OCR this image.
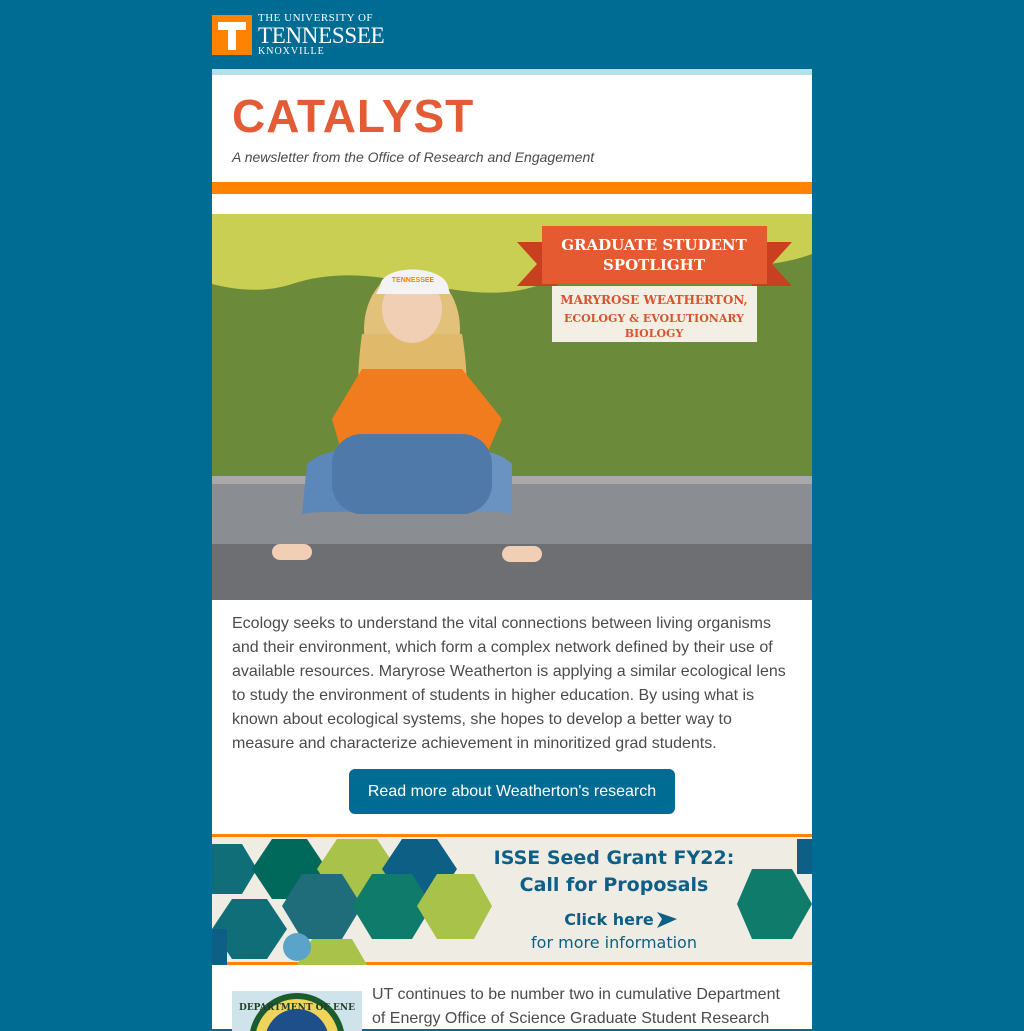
THE UNIVERSITY OF
TENNESSEE
KNOXVILLE
CATALYST
A newsletter from the Office of Research and Engagement
TENNESSEE
GRADUATE STUDENT
SPOTLIGHT
MARYROSE WEATHERTON,
ECOLOGY & EVOLUTIONARY
BIOLOGY

Ecology seeks to understand the vital connections between living organisms and their environment, which form a complex network defined by their use of available resources. Maryrose Weatherton is applying a similar ecological lens to study the environment of students in higher education. By using what is known about ecological systems, she hopes to develop a better way to measure and characterize achievement in minoritized grad students.

Read more about Weatherton's research
ISSE Seed Grant FY22:
Call for Proposals
Click here
for more information
DEPARTMENT OF ENE

UT continues to be number two in cumulative Department of Energy Office of Science Graduate Student Research
